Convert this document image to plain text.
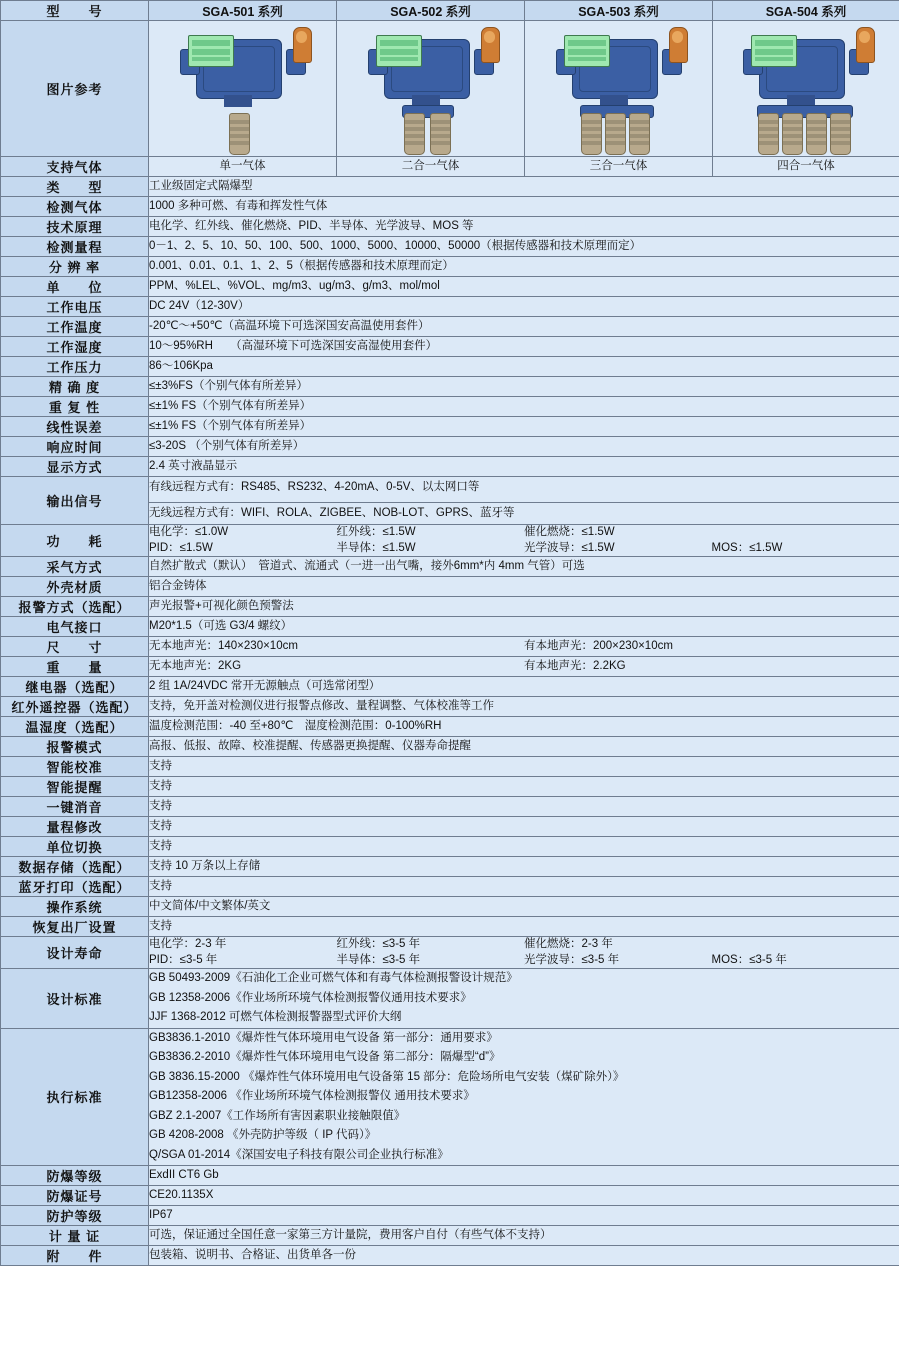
型　　号	SGA-501 系列	SGA-502 系列	SGA-503 系列	SGA-504 系列
图片参考	

支持气体	单一气体	二合一气体	三合一气体	四合一气体
类　　型	工业级固定式隔爆型			
检测气体	1000 多种可燃、有毒和挥发性气体			
技术原理	电化学、红外线、催化燃烧、PID、半导体、光学波导、MOS 等			
检测量程	0－1、2、5、10、50、100、500、1000、5000、10000、50000（根据传感器和技术原理而定）			
分 辨 率	0.001、0.01、0.1、1、2、5（根据传感器和技术原理而定）			
单　　位	PPM、%LEL、%VOL、mg/m3、ug/m3、g/m3、mol/mol			
工作电压	DC 24V（12-30V）			
工作温度	-20℃～+50℃（高温环境下可选深国安高温使用套件）			
工作湿度	10～95%RH　　（高湿环境下可选深国安高湿使用套件）			
工作压力	86～106Kpa			
精 确 度	≤±3%FS（个别气体有所差异）			
重 复 性	≤±1% FS（个别气体有所差异）			
线性误差	≤±1% FS（个别气体有所差异）			
响应时间	≤3-20S （个别气体有所差异）			
显示方式	2.4 英寸液晶显示			
输出信号	有线远程方式有：RS485、RS232、4-20mA、0-5V、以太网口等
无线远程方式有：WIFI、ROLA、ZIGBEE、NOB-LOT、GPRS、蓝牙等			

功　　耗	
电化学：≤1.0W	红外线：≤1.5W	催化燃烧：≤1.5W
PID：≤1.5W	半导体：≤1.5W	光学波导：≤1.5W	MOS：≤1.5W

采气方式	自然扩散式（默认）　管道式、流通式（一进一出气嘴，接外6mm*内 4mm 气管）可选			
外壳材质	铝合金铸体			
报警方式（选配）	声光报警+可视化颜色预警法			
电气接口	M20*1.5（可选 G3/4 螺纹）			
尺　　寸	无本地声光：140×230×10cm 有本地声光：200×230×10cm			

重　　量	无本地声光：2KG 有本地声光：2.2KG			

继电器（选配）	2 组 1A/24VDC 常开无源触点（可选常闭型）			
红外遥控器（选配）	支持，免开盖对检测仪进行报警点修改、量程调整、气体校准等工作			
温湿度（选配）	温度检测范围：-40 至+80℃　湿度检测范围：0-100%RH			
报警模式	高报、低报、故障、校准提醒、传感器更换提醒、仪器寿命提醒			
智能校准	支持			
智能提醒	支持			
一键消音	支持			
量程修改	支持			
单位切换	支持			
数据存储（选配）	支持 10 万条以上存储			
蓝牙打印（选配）	支持			
操作系统	中文简体/中文繁体/英文			
恢复出厂设置	支持			
设计寿命	
电化学：2-3 年	红外线：≤3-5 年	催化燃烧：2-3 年
PID：≤3-5 年	半导体：≤3-5 年	光学波导：≤3-5 年	MOS：≤3-5 年

设计标准	GB 50493-2009《石油化工企业可燃气体和有毒气体检测报警设计规范》
GB 12358-2006《作业场所环境气体检测报警仪通用技术要求》
JJF 1368-2012 可燃气体检测报警器型式评价大纲			

执行标准	
GB3836.1-2010《爆炸性气体环境用电气设备 第一部分：通用要求》
GB3836.2-2010《爆炸性气体环境用电气设备 第二部分：隔爆型“d”》
GB 3836.15-2000 《爆炸性气体环境用电气设备第 15 部分：危险场所电气安装（煤矿除外）》
GB12358-2006 《作业场所环境气体检测报警仪 通用技术要求》
GBZ 2.1-2007《工作场所有害因素职业接触限值》
GB 4208-2008 《外壳防护等级（ IP 代码）》
Q/SGA 01-2014《深国安电子科技有限公司企业执行标准》

防爆等级	ExdII CT6 Gb			
防爆证号	CE20.1135X			
防护等级	IP67			
计 量 证	可选，保证通过全国任意一家第三方计量院，费用客户自付（有些气体不支持）			
附　　件	包装箱、说明书、合格证、出货单各一份			
